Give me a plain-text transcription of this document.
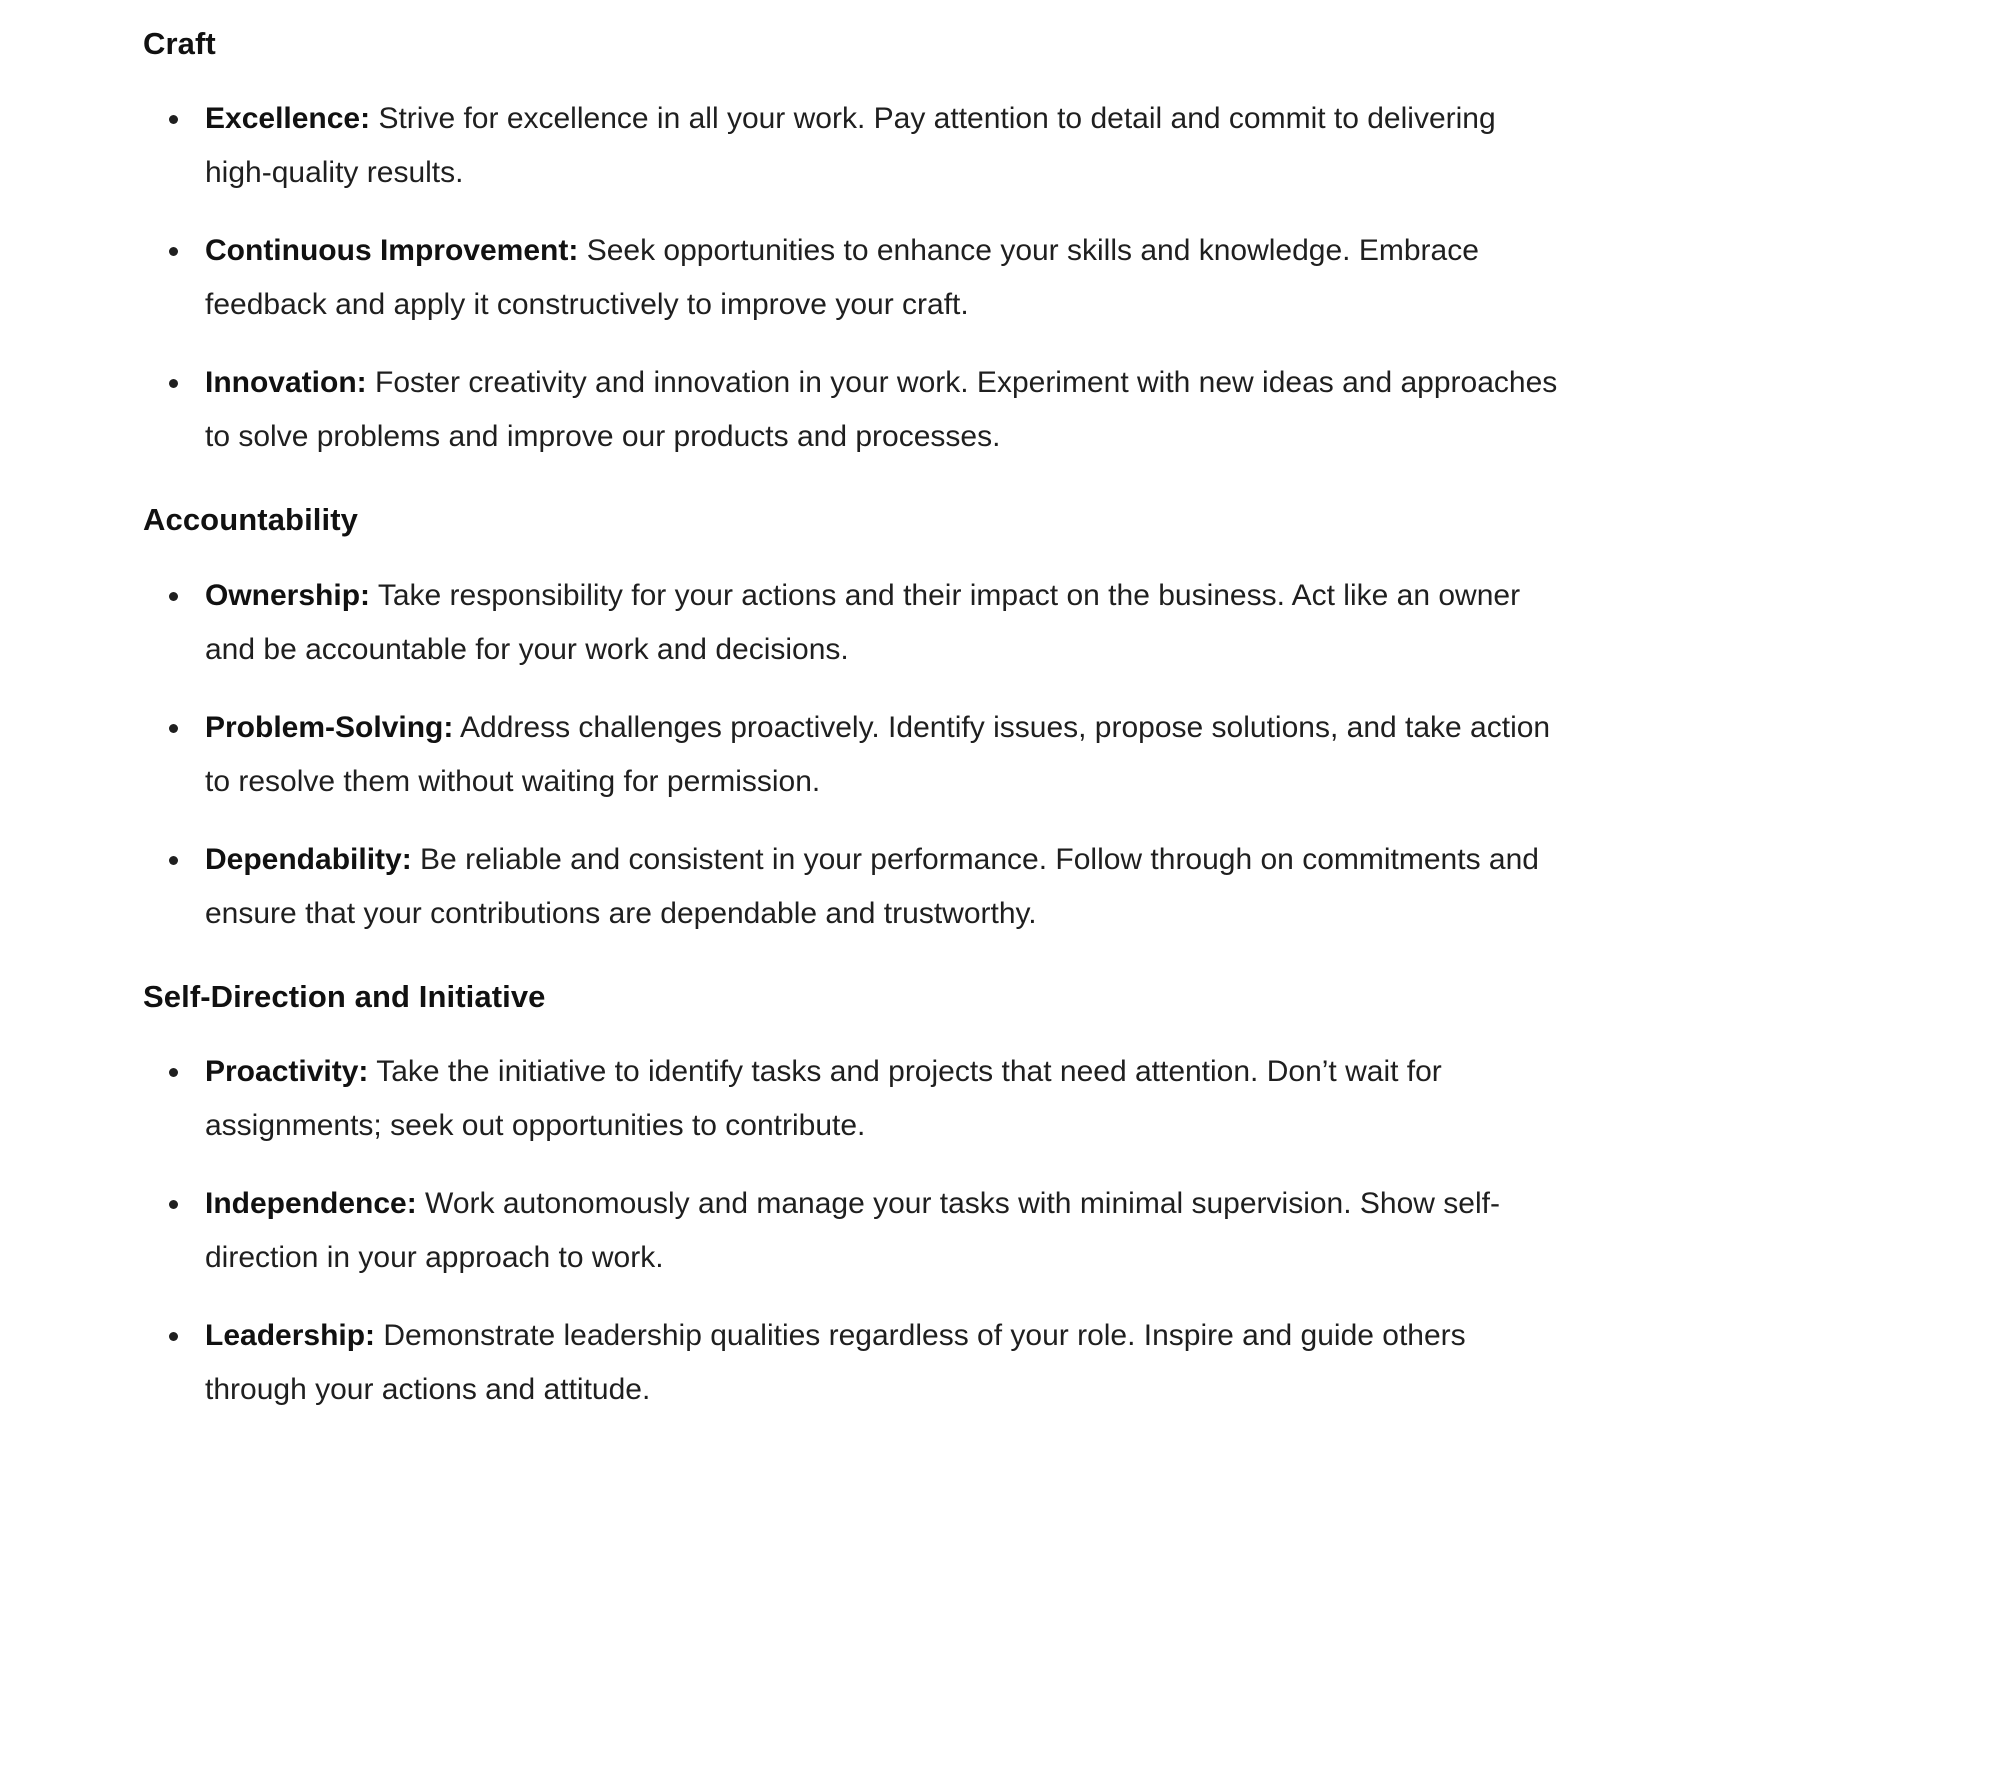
Craft
Excellence: Strive for excellence in all your work. Pay attention to detail and commit to delivering high-quality results.
Continuous Improvement: Seek opportunities to enhance your skills and knowledge. Embrace feedback and apply it constructively to improve your craft.
Innovation: Foster creativity and innovation in your work. Experiment with new ideas and approaches to solve problems and improve our products and processes.
Accountability
Ownership: Take responsibility for your actions and their impact on the business. Act like an owner and be accountable for your work and decisions.
Problem-Solving: Address challenges proactively. Identify issues, propose solutions, and take action to resolve them without waiting for permission.
Dependability: Be reliable and consistent in your performance. Follow through on commitments and ensure that your contributions are dependable and trustworthy.
Self-Direction and Initiative
Proactivity: Take the initiative to identify tasks and projects that need attention. Don’t wait for assignments; seek out opportunities to contribute.
Independence: Work autonomously and manage your tasks with minimal supervision. Show self-direction in your approach to work.
Leadership: Demonstrate leadership qualities regardless of your role. Inspire and guide others through your actions and attitude.
